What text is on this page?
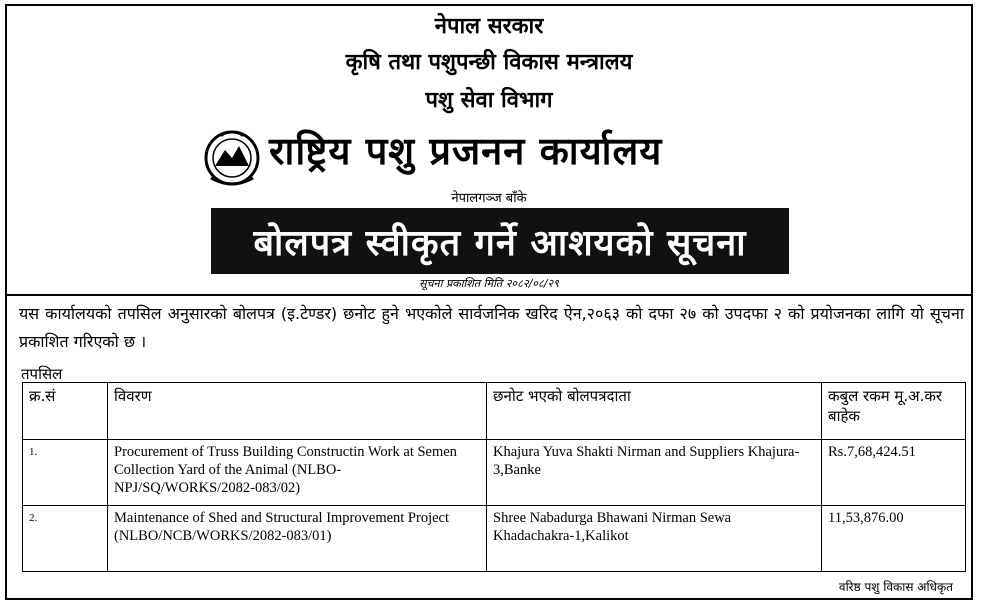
नेपाल सरकार
कृषि तथा पशुपन्छी विकास मन्त्रालय
पशु सेवा विभाग
राष्ट्रिय पशु प्रजनन कार्यालय
नेपालगञ्ज बाँके
बोलपत्र स्वीकृत गर्ने आशयको सूचना
सूचना प्रकाशित मिति २०८२/०८/२९
यस कार्यालयको तपसिल अनुसारको बोलपत्र (इ.टेण्डर) छनोट हुने भएकोले सार्वजनिक खरिद ऐन,२०६३ को दफा २७ को उपदफा २ को प्रयोजनका लागि यो सूचना प्रकाशित गरिएको छ ।
तपसिल
क्र.सं	विवरण	छनोट भएको बोलपत्रदाता	कबुल रकम मू.अ.कर बाहेक
1.	Procurement of Truss Building Constructin Work at Semen Collection Yard of the Animal (NLBO-NPJ/SQ/WORKS/2082-083/02)	Khajura Yuva Shakti Nirman and Suppliers Khajura-3,Banke	Rs.7,68,424.51
2.	Maintenance of Shed and Structural Improvement Project (NLBO/NCB/WORKS/2082-083/01)	Shree Nabadurga Bhawani Nirman Sewa Khadachakra-1,Kalikot	11,53,876.00
वरिष्ठ पशु विकास अधिकृत
